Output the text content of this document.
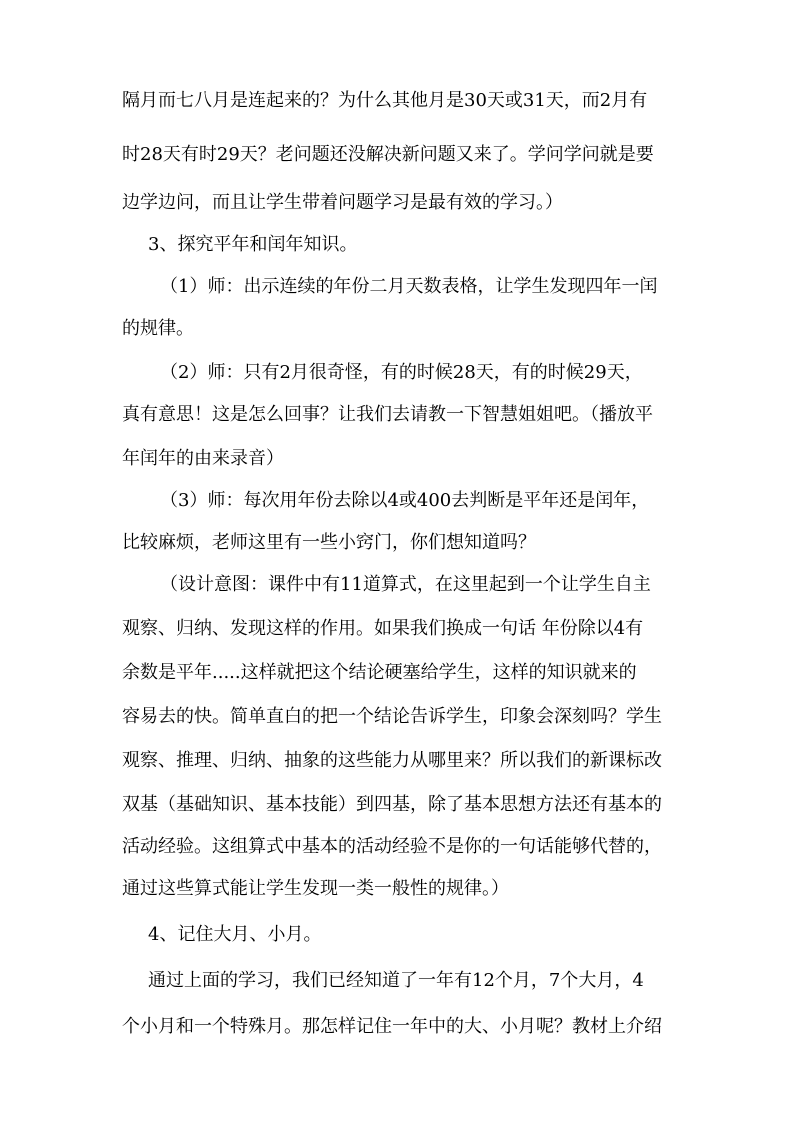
隔月而七八月是连起来的？为什么其他月是30天或31天，而2月有
时28天有时29天？老问题还没解决新问题又来了。学问学问就是要
边学边问，而且让学生带着问题学习是最有效的学习。）
3、探究平年和闰年知识。
（1）师：出示连续的年份二月天数表格，让学生发现四年一闰
的规律。
（2）师：只有2月很奇怪，有的时候28天，有的时候29天，
真有意思！这是怎么回事？让我们去请教一下智慧姐姐吧。（播放平
年闰年的由来录音）
（3）师：每次用年份去除以4或400去判断是平年还是闰年，
比较麻烦，老师这里有一些小窍门，你们想知道吗？
（设计意图：课件中有11道算式，在这里起到一个让学生自主
观察、归纳、发现这样的作用。如果我们换成一句话 年份除以4有
余数是平年.....这样就把这个结论硬塞给学生，这样的知识就来的
容易去的快。简单直白的把一个结论告诉学生，印象会深刻吗？学生
观察、推理、归纳、抽象的这些能力从哪里来？所以我们的新课标改
双基（基础知识、基本技能）到四基，除了基本思想方法还有基本的
活动经验。这组算式中基本的活动经验不是你的一句话能够代替的，
通过这些算式能让学生发现一类一般性的规律。）
4、记住大月、小月。
通过上面的学习，我们已经知道了一年有12个月，7个大月，4
个小月和一个特殊月。那怎样记住一年中的大、小月呢？教材上介绍
